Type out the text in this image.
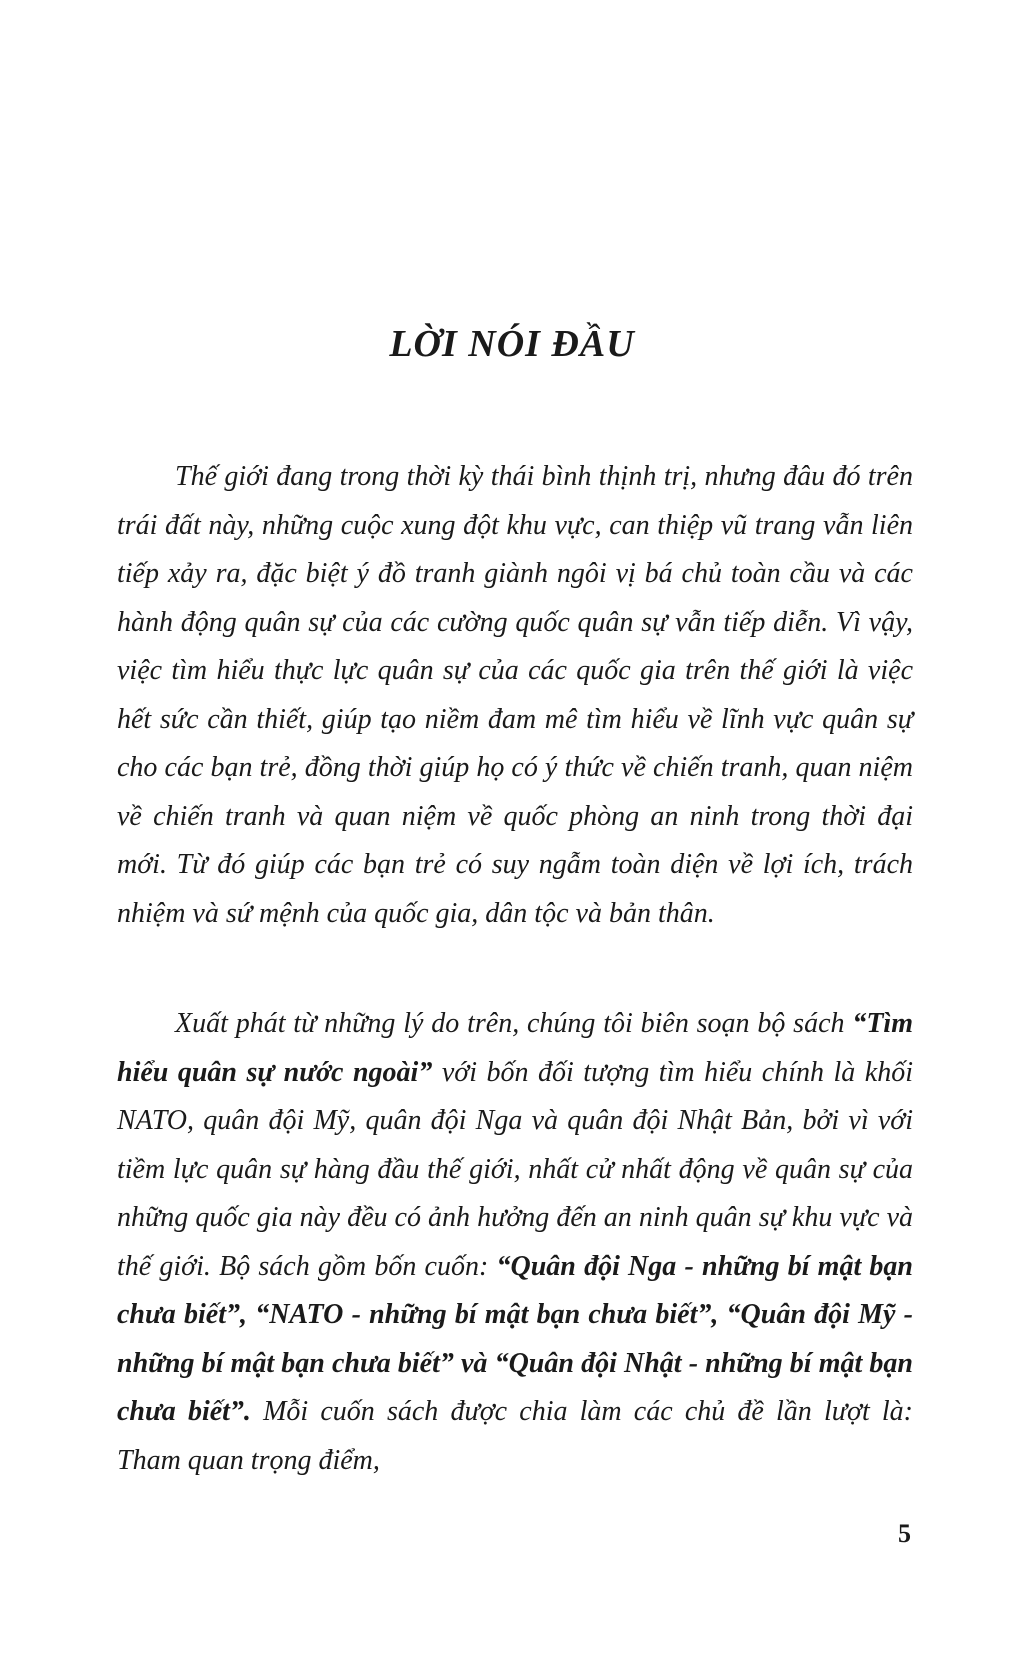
LỜI NÓI ĐẦU

Thế giới đang trong thời kỳ thái bình thịnh trị, nhưng đâu đó trên trái đất này, những cuộc xung đột khu vực, can thiệp vũ trang vẫn liên tiếp xảy ra, đặc biệt ý đồ tranh giành ngôi vị bá chủ toàn cầu và các hành động quân sự của các cường quốc quân sự vẫn tiếp diễn. Vì vậy, việc tìm hiểu thực lực quân sự của các quốc gia trên thế giới là việc hết sức cần thiết, giúp tạo niềm đam mê tìm hiểu về lĩnh vực quân sự cho các bạn trẻ, đồng thời giúp họ có ý thức về chiến tranh, quan niệm về chiến tranh và quan niệm về quốc phòng an ninh trong thời đại mới. Từ đó giúp các bạn trẻ có suy ngẫm toàn diện về lợi ích, trách nhiệm và sứ mệnh của quốc gia, dân tộc và bản thân.

Xuất phát từ những lý do trên, chúng tôi biên soạn bộ sách “Tìm hiểu quân sự nước ngoài” với bốn đối tượng tìm hiểu chính là khối NATO, quân đội Mỹ, quân đội Nga và quân đội Nhật Bản, bởi vì với tiềm lực quân sự hàng đầu thế giới, nhất cử nhất động về quân sự của những quốc gia này đều có ảnh hưởng đến an ninh quân sự khu vực và thế giới. Bộ sách gồm bốn cuốn: “Quân đội Nga - những bí mật bạn chưa biết”, “NATO - những bí mật bạn chưa biết”, “Quân đội Mỹ - những bí mật bạn chưa biết” và “Quân đội Nhật - những bí mật bạn chưa biết”. Mỗi cuốn sách được chia làm các chủ đề lần lượt là: Tham quan trọng điểm,

5
